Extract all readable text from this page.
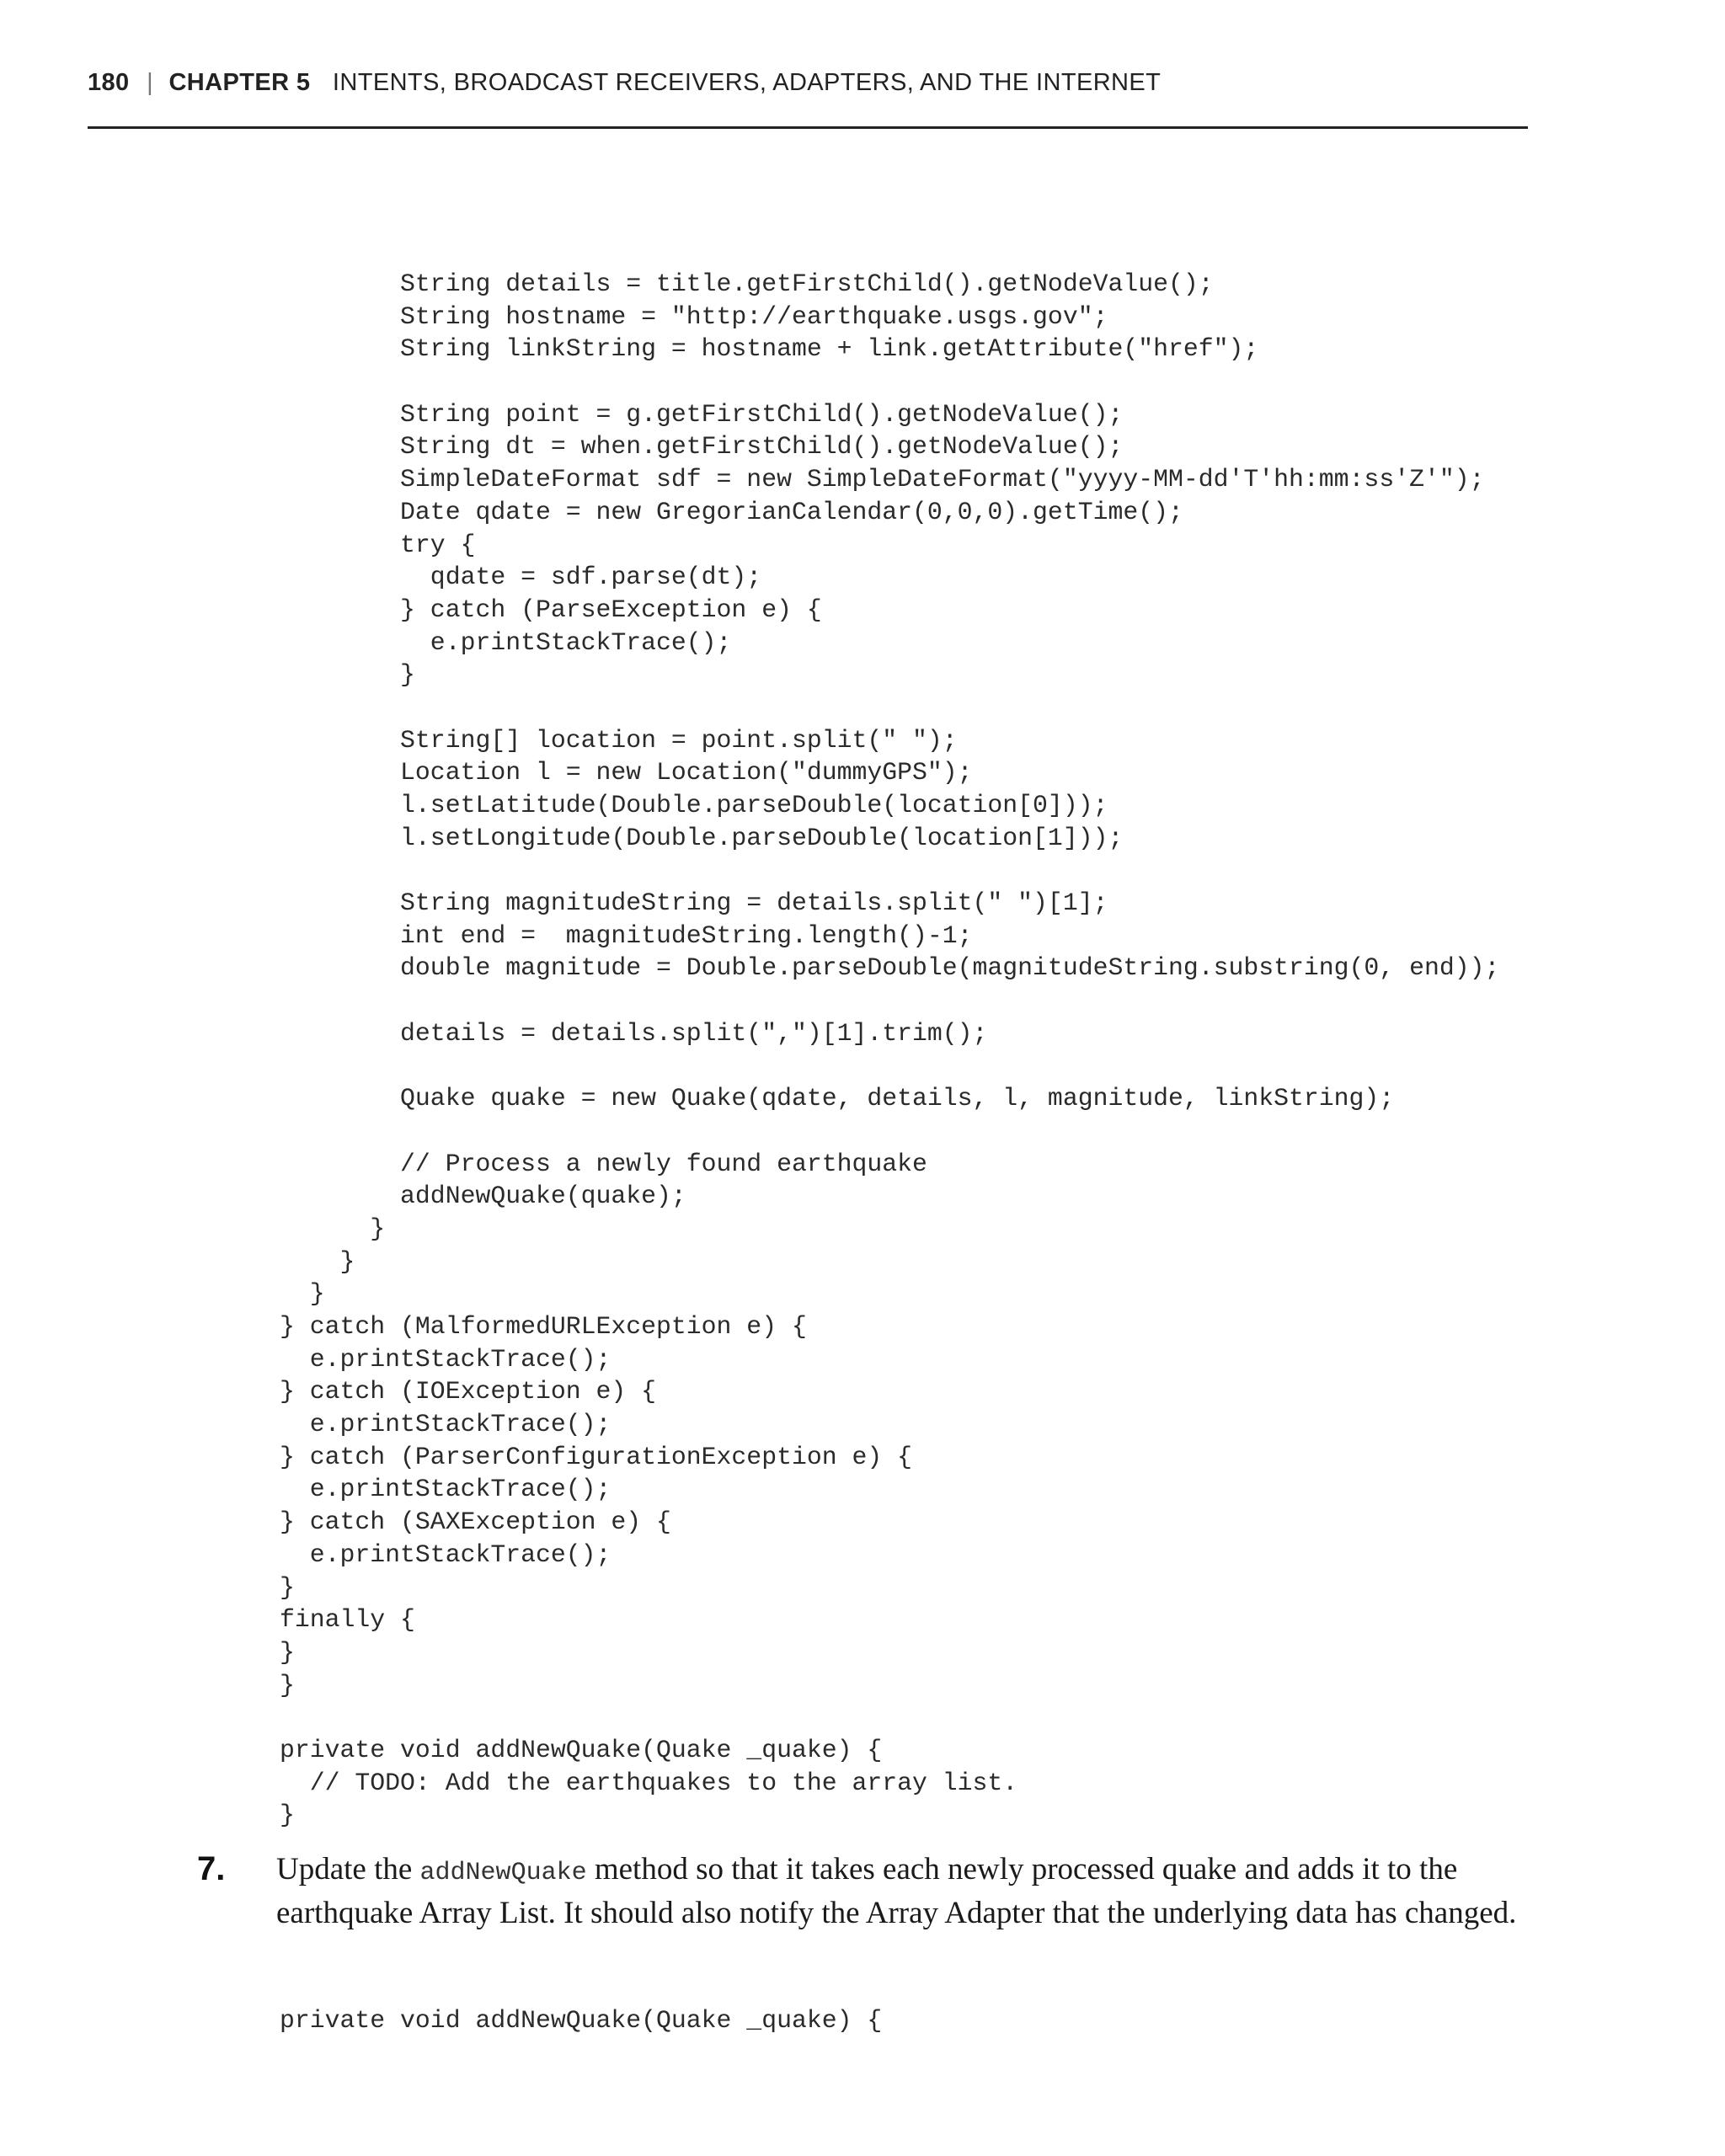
180 | CHAPTER 5 INTENTS, BROADCAST RECEIVERS, ADAPTERS, AND THE INTERNET
String details = title.getFirstChild().getNodeValue();
String hostname = "http://earthquake.usgs.gov";
String linkString = hostname + link.getAttribute("href");
String point = g.getFirstChild().getNodeValue();
String dt = when.getFirstChild().getNodeValue();
SimpleDateFormat sdf = new SimpleDateFormat("yyyy-MM-dd'T'hh:mm:ss'Z'");
Date qdate = new GregorianCalendar(0,0,0).getTime();
try {
qdate = sdf.parse(dt);
} catch (ParseException e) {
e.printStackTrace();
}
String[] location = point.split(" ");
Location l = new Location("dummyGPS");
l.setLatitude(Double.parseDouble(location[0]));
l.setLongitude(Double.parseDouble(location[1]));
String magnitudeString = details.split(" ")[1];
int end =  magnitudeString.length()-1;
double magnitude = Double.parseDouble(magnitudeString.substring(0, end));
details = details.split(",")[1].trim();
Quake quake = new Quake(qdate, details, l, magnitude, linkString);
// Process a newly found earthquake
addNewQuake(quake);
}
}
}
} catch (MalformedURLException e) {
e.printStackTrace();
} catch (IOException e) {
e.printStackTrace();
} catch (ParserConfigurationException e) {
e.printStackTrace();
} catch (SAXException e) {
e.printStackTrace();
}
finally {
}
}
private void addNewQuake(Quake _quake) {
// TODO: Add the earthquakes to the array list.
}
7. Update the addNewQuake method so that it takes each newly processed quake and adds it to the earthquake Array List. It should also notify the Array Adapter that the underlying data has changed.
private void addNewQuake(Quake _quake) {
